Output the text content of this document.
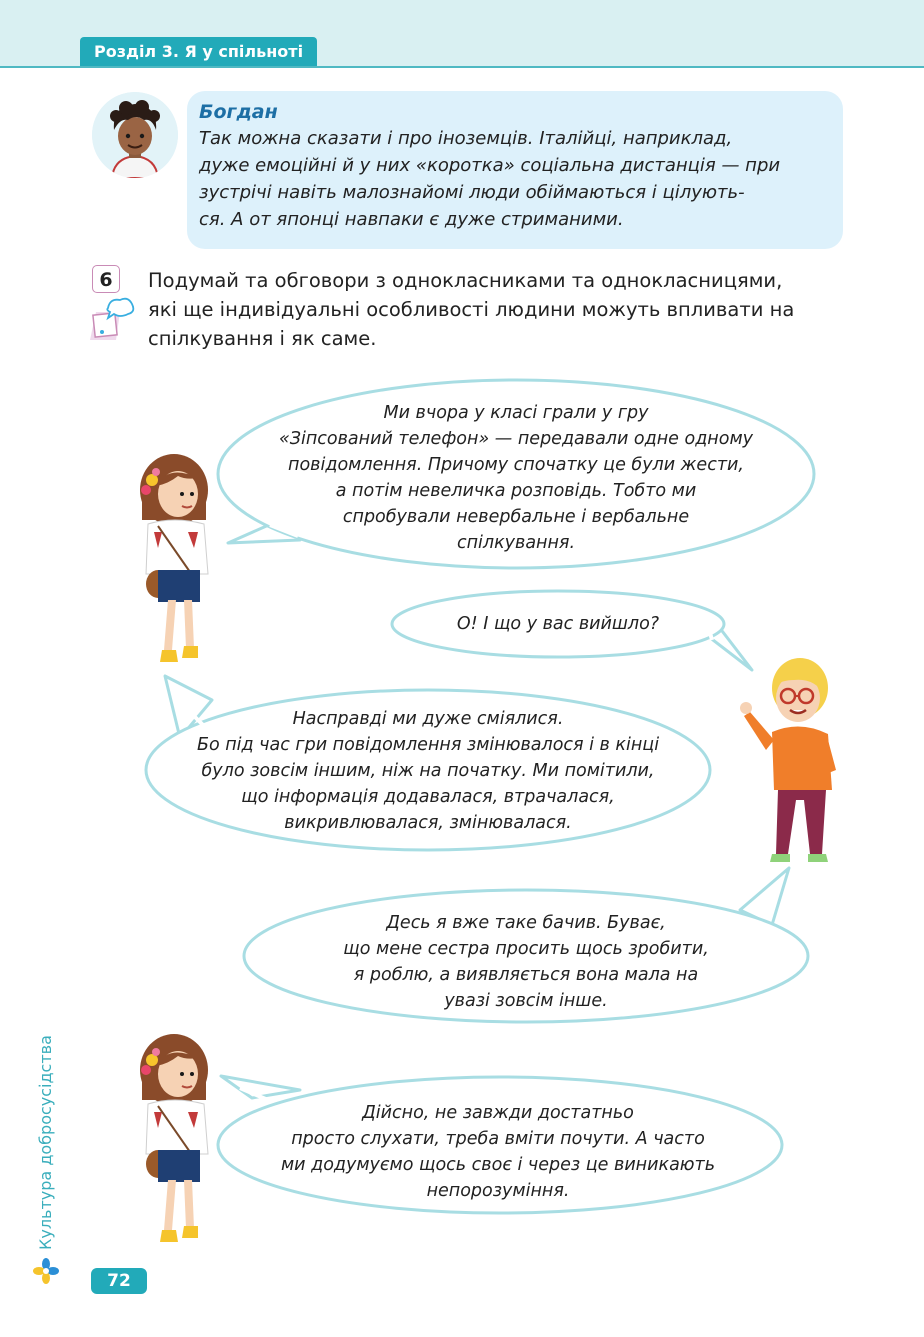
Розділ 3. Я у спільноті

Богдан

Так можна сказати і про іноземців. Італійці, наприклад,

дуже емоційні й у них «коротка» соціальна дистанція — при

зустрічі навіть малознайомі люди обіймаються і цілують-

ся. А от японці навпаки є дуже стриманими.

6	Подумай та обговори з однокласниками та однокласницями,
які ще індивідуальні особливості людини можуть впливати на
спілкування і як саме.

Ми вчора у класі грали у гру
«Зіпсований телефон» — передавали одне одному
повідомлення. Причому спочатку це були жести,
а потім невеличка розповідь. Тобто ми
спробували невербальне і вербальне
спілкування.

О! І що у вас вийшло?

Насправді ми дуже сміялися.
Бо під час гри повідомлення змінювалося і в кінці
було зовсім іншим, ніж на початку. Ми помітили,
що інформація додавалася, втрачалася,
викривлювалася, змінювалася.

Десь я вже таке бачив. Буває,
що мене сестра просить щось зробити,
я роблю, а виявляється вона мала на
увазі зовсім інше.

Дійсно, не завжди достатньо
просто слухати, треба вміти почути. А часто
ми додумуємо щось своє і через це виникають
непорозуміння.

Культура добросусідства
72
